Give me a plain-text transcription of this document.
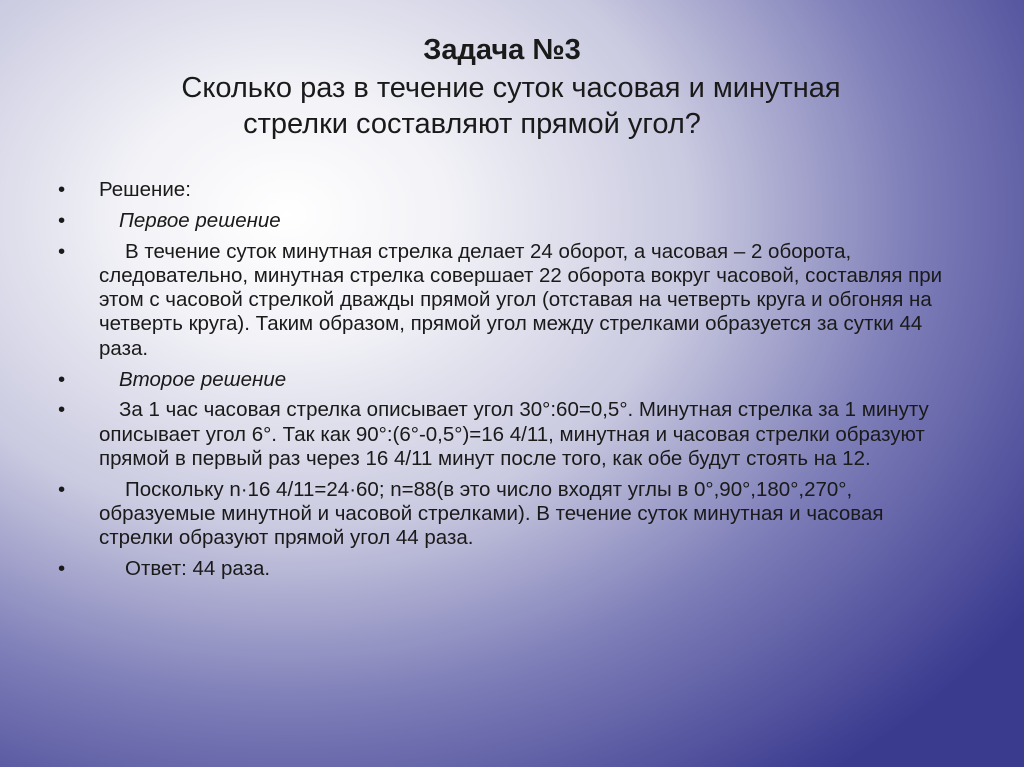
Задача №3
Сколько раз в течение суток часовая и минутная
стрелки составляют прямой угол?
• Решение:
•	Первое решение
•	В течение суток минутная стрелка делает 24 оборот, а часовая – 2 оборота, следовательно, минутная стрелка совершает 22 оборота вокруг часовой, составляя при этом с часовой стрелкой дважды прямой угол (отставая на четверть круга и обгоняя на четверть круга). Таким образом, прямой угол между стрелками образуется за сутки 44 раза.
•	Второе решение
•	За 1 час часовая стрелка описывает угол 30°:60=0,5°. Минутная стрелка за 1 минуту описывает угол 6°. Так как 90°:(6°-0,5°)=16 4/11, минутная и часовая стрелки образуют прямой в первый раз через 16 4/11 минут после того, как обе будут стоять на 12.
•	Поскольку n·16 4/11=24·60; n=88(в это число входят углы в 0°,90°,180°,270°, образуемые минутной и часовой стрелками). В течение суток минутная и часовая стрелки образуют прямой угол 44 раза.
•	Ответ: 44 раза.
